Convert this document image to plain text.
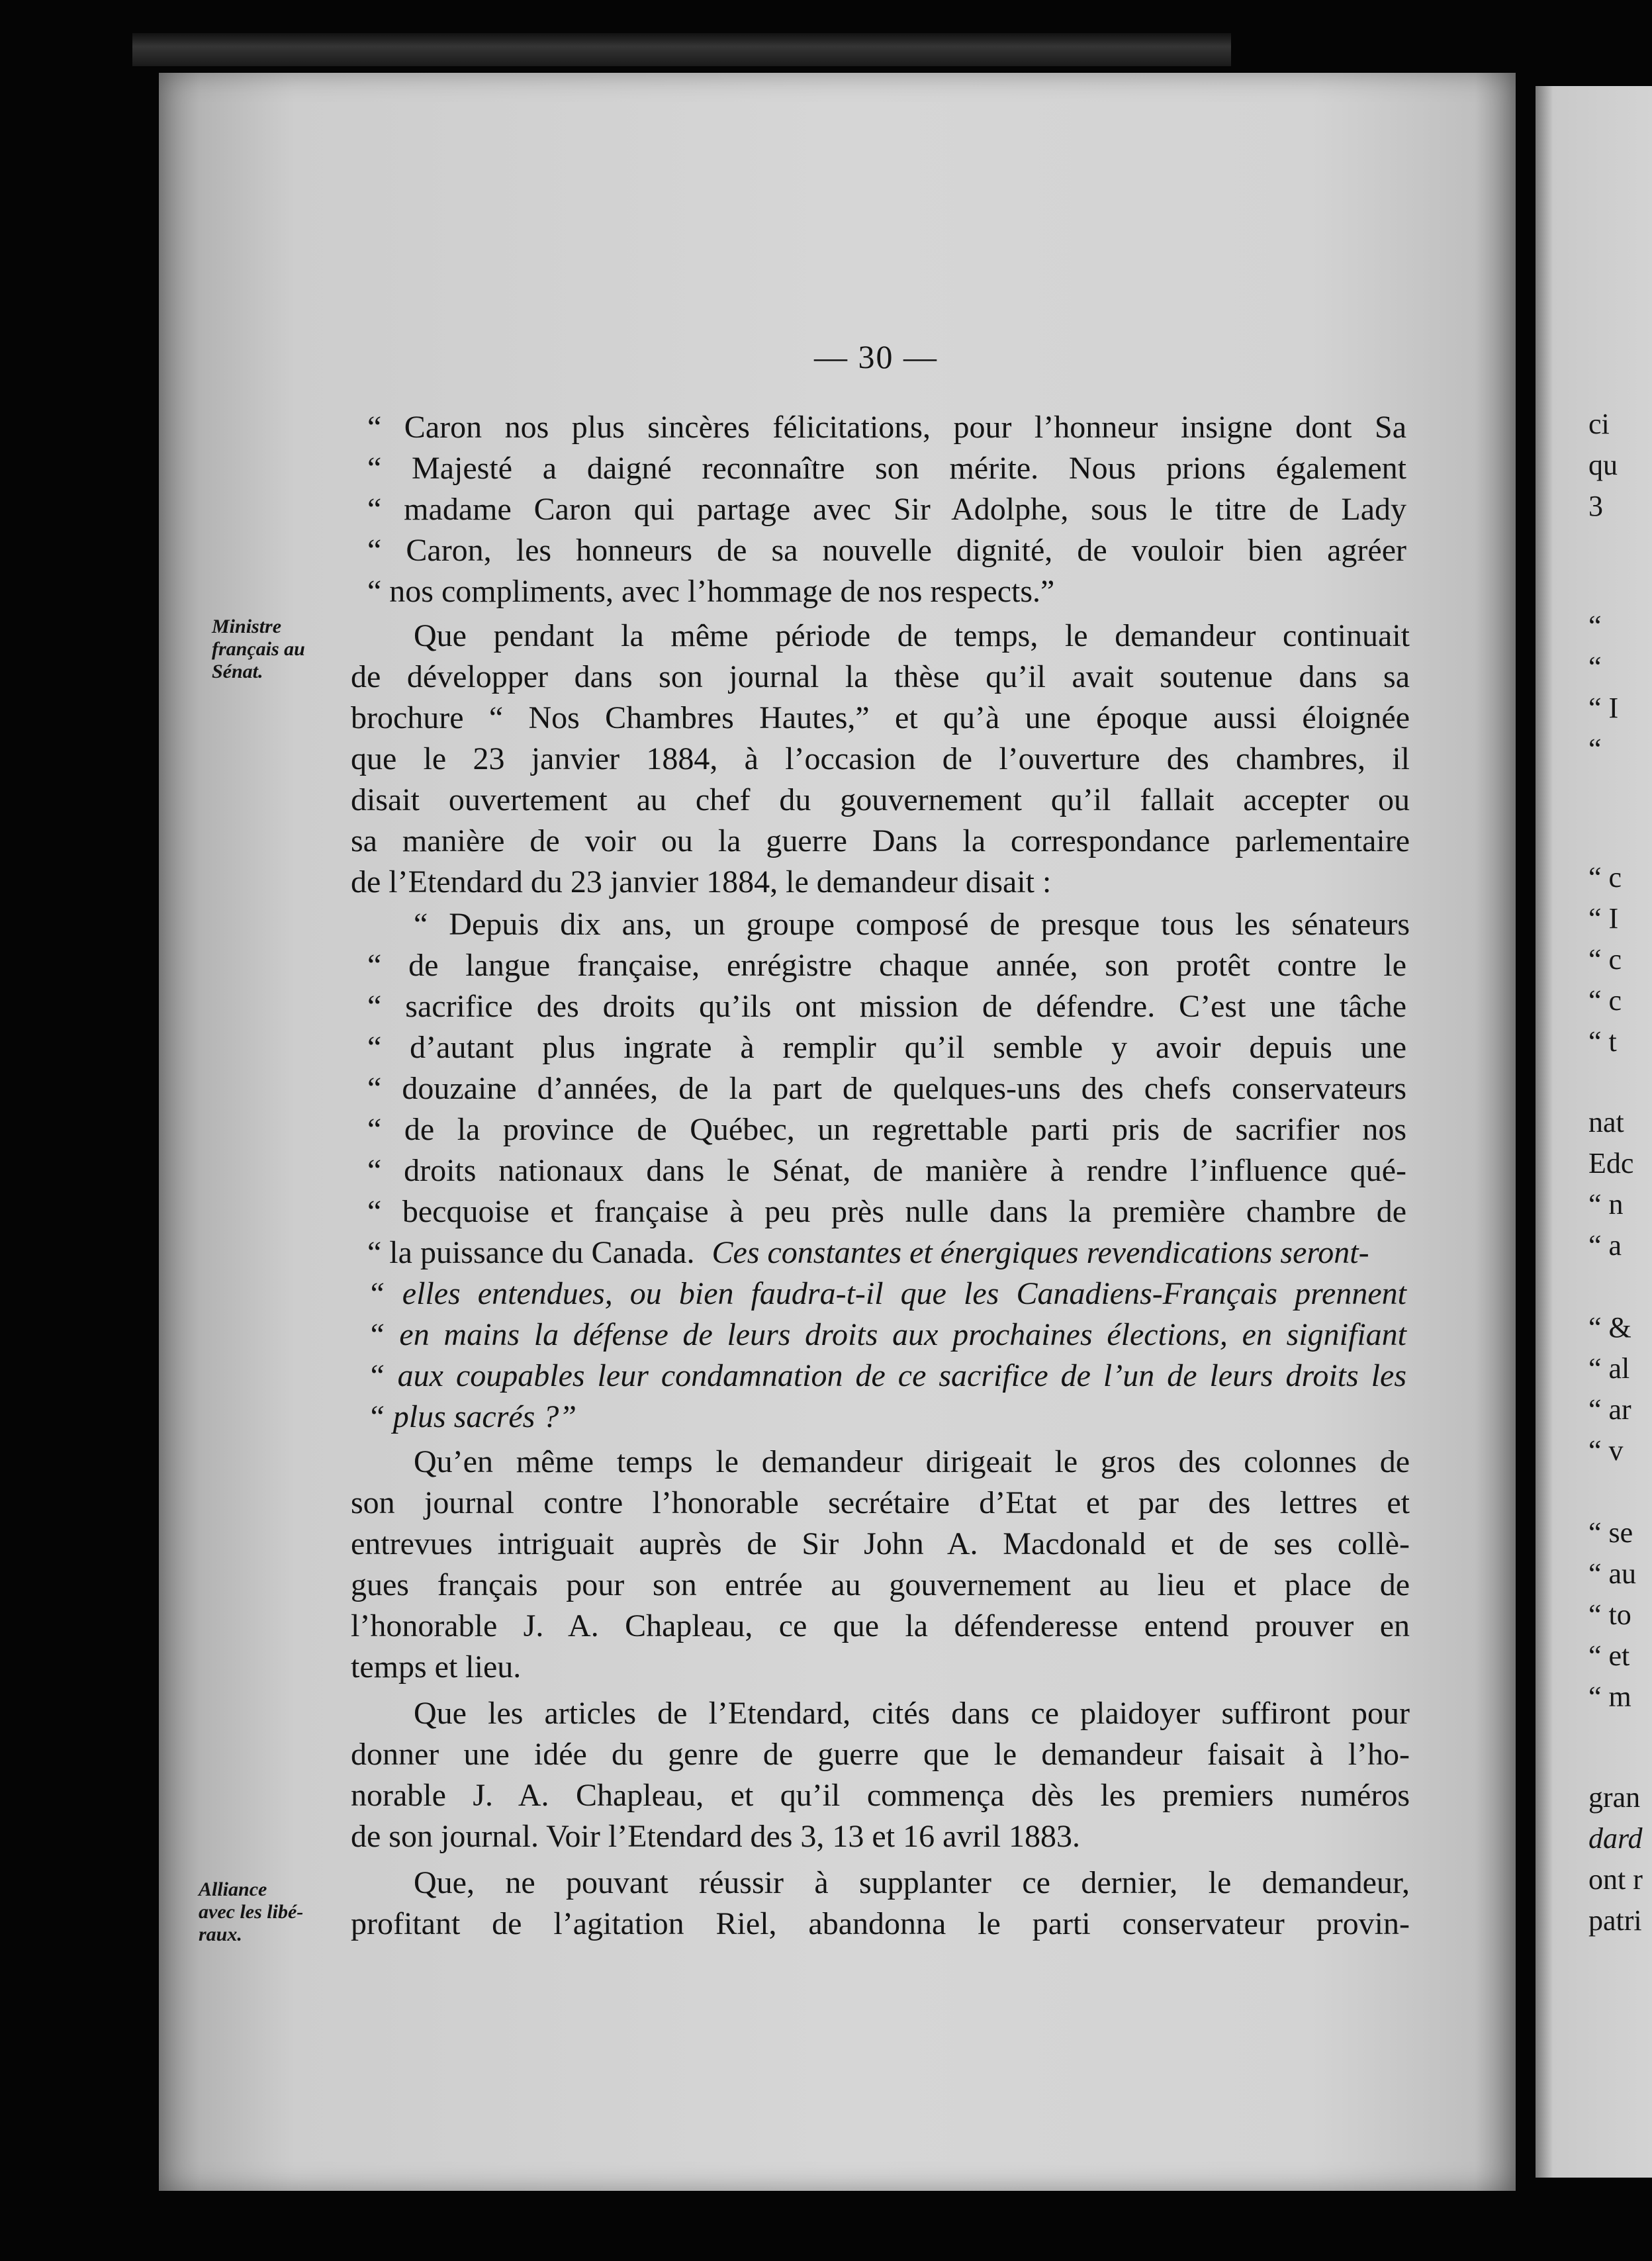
— 30 —
Ministre
français au
Sénat.
Alliance
avec les libé-
raux.
“ Caron nos plus sincères félicitations, pour l’honneur insigne dont Sa
“ Majesté a daigné reconnaître son mérite. Nous prions également
“ madame Caron qui partage avec Sir Adolphe, sous le titre de Lady
“ Caron, les honneurs de sa nouvelle dignité, de vouloir bien agréer
“ nos compliments, avec l’hommage de nos respects.”
Que pendant la même période de temps, le demandeur continuait
de développer dans son journal la thèse qu’il avait soutenue dans sa
brochure “ Nos Chambres Hautes,” et qu’à une époque aussi éloignée
que le 23 janvier 1884, à l’occasion de l’ouverture des chambres, il
disait ouvertement au chef du gouvernement qu’il fallait accepter ou
sa manière de voir ou la guerre Dans la correspondance parlementaire
de l’Etendard du 23 janvier 1884, le demandeur disait :
“ Depuis dix ans, un groupe composé de presque tous les sénateurs
“ de langue française, enrégistre chaque année, son protêt contre le
“ sacrifice des droits qu’ils ont mission de défendre. C’est une tâche
“ d’autant plus ingrate à remplir qu’il semble y avoir depuis une
“ douzaine d’années, de la part de quelques-uns des chefs conservateurs
“ de la province de Québec, un regrettable parti pris de sacrifier nos
“ droits nationaux dans le Sénat, de manière à rendre l’influence qué-
“ becquoise et française à peu près nulle dans la première chambre de
“ la puissance du Canada. Ces constantes et énergiques revendications seront-
“ elles entendues, ou bien faudra-t-il que les Canadiens-Français prennent
“ en mains la défense de leurs droits aux prochaines élections, en signifiant
“ aux coupables leur condamnation de ce sacrifice de l’un de leurs droits les
“ plus sacrés ?”
Qu’en même temps le demandeur dirigeait le gros des colonnes de
son journal contre l’honorable secrétaire d’Etat et par des lettres et
entrevues intriguait auprès de Sir John A. Macdonald et de ses collè-
gues français pour son entrée au gouvernement au lieu et place de
l’honorable J. A. Chapleau, ce que la défenderesse entend prouver en
temps et lieu.
Que les articles de l’Etendard, cités dans ce plaidoyer suffiront pour
donner une idée du genre de guerre que le demandeur faisait à l’ho-
norable J. A. Chapleau, et qu’il commença dès les premiers numéros
de son journal. Voir l’Etendard des 3, 13 et 16 avril 1883.
Que, ne pouvant réussir à supplanter ce dernier, le demandeur,
profitant de l’agitation Riel, abandonna le parti conservateur provin-
ci
qu
3
“
“
“ I
“
“ c
“ I
“ c
“ c
“ t
nat
Edc
“ n
“ a
“ &
“ al
“ ar
“ v
“ se
“ au
“ to
“ et
“ m
gran
dard
ont r
patri
